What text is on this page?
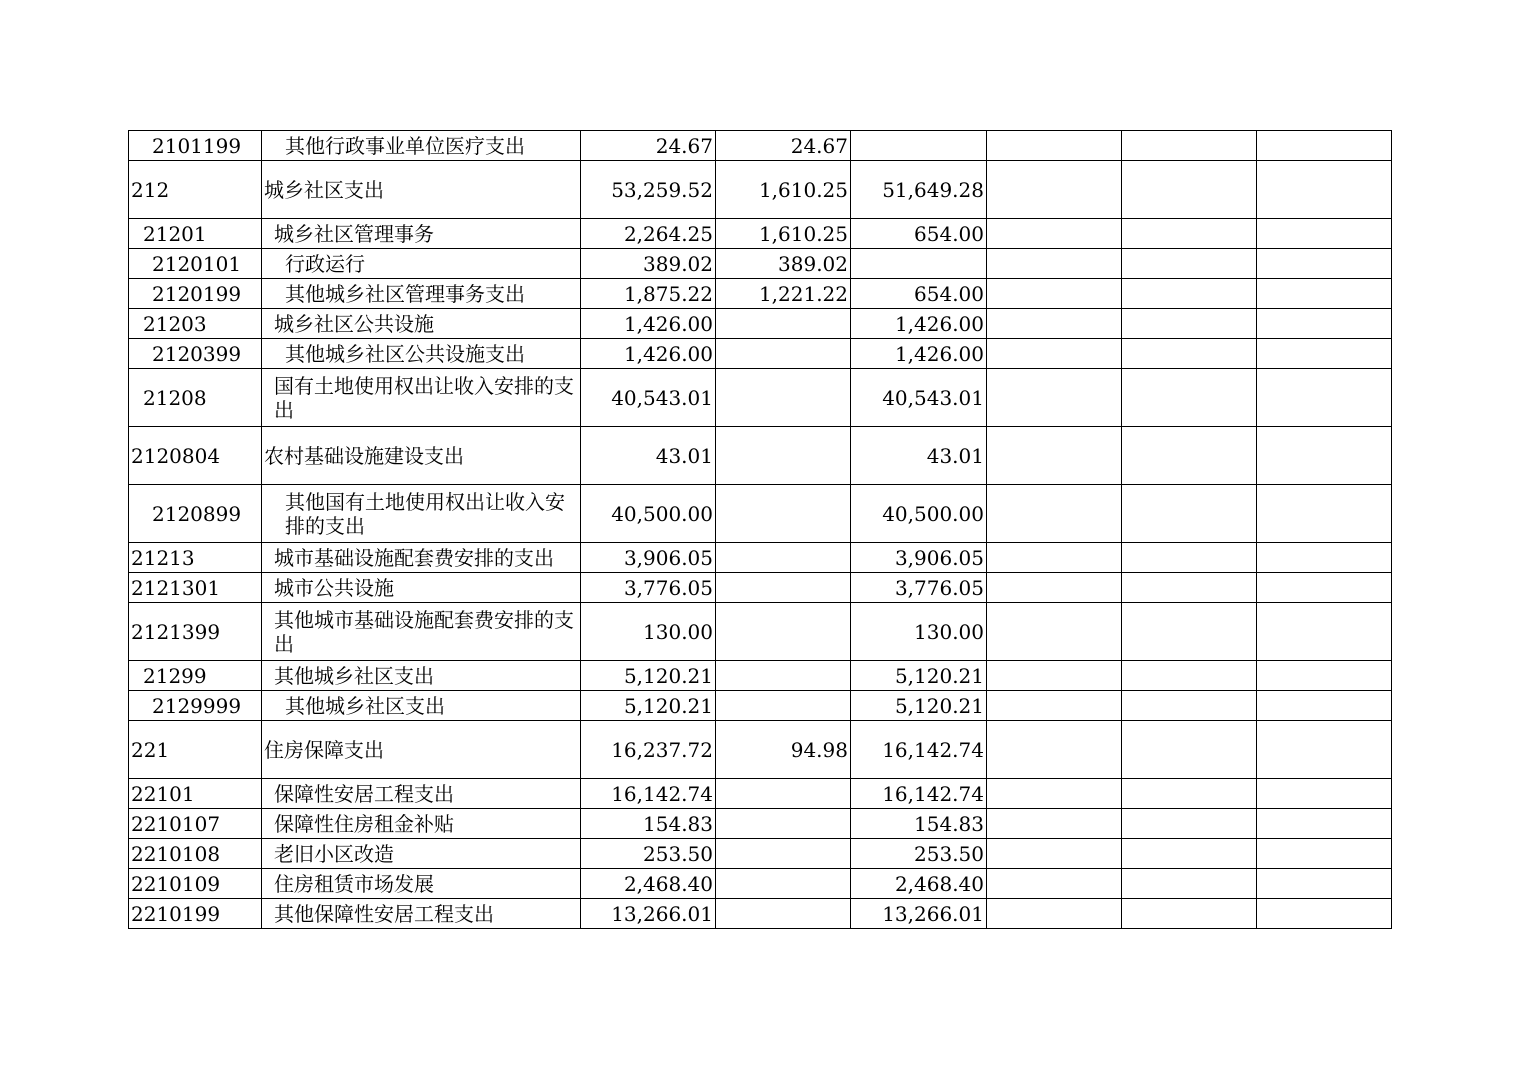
2101199	其他行政事业单位医疗支出	24.67	24.67				
212	城乡社区支出	53,259.52	1,610.25	51,649.28			
21201	城乡社区管理事务	2,264.25	1,610.25	654.00			
2120101	行政运行	389.02	389.02				
2120199	其他城乡社区管理事务支出	1,875.22	1,221.22	654.00			
21203	城乡社区公共设施	1,426.00		1,426.00			
2120399	其他城乡社区公共设施支出	1,426.00		1,426.00			
21208	国有土地使用权出让收入安排的支出	40,543.01		40,543.01			
2120804	农村基础设施建设支出	43.01		43.01			
2120899	其他国有土地使用权出让收入安排的支出	40,500.00		40,500.00			
21213	城市基础设施配套费安排的支出	3,906.05		3,906.05			
2121301	城市公共设施	3,776.05		3,776.05			
2121399	其他城市基础设施配套费安排的支出	130.00		130.00			
21299	其他城乡社区支出	5,120.21		5,120.21			
2129999	其他城乡社区支出	5,120.21		5,120.21			
221	住房保障支出	16,237.72	94.98	16,142.74			
22101	保障性安居工程支出	16,142.74		16,142.74			
2210107	保障性住房租金补贴	154.83		154.83			
2210108	老旧小区改造	253.50		253.50			
2210109	住房租赁市场发展	2,468.40		2,468.40			
2210199	其他保障性安居工程支出	13,266.01		13,266.01			
